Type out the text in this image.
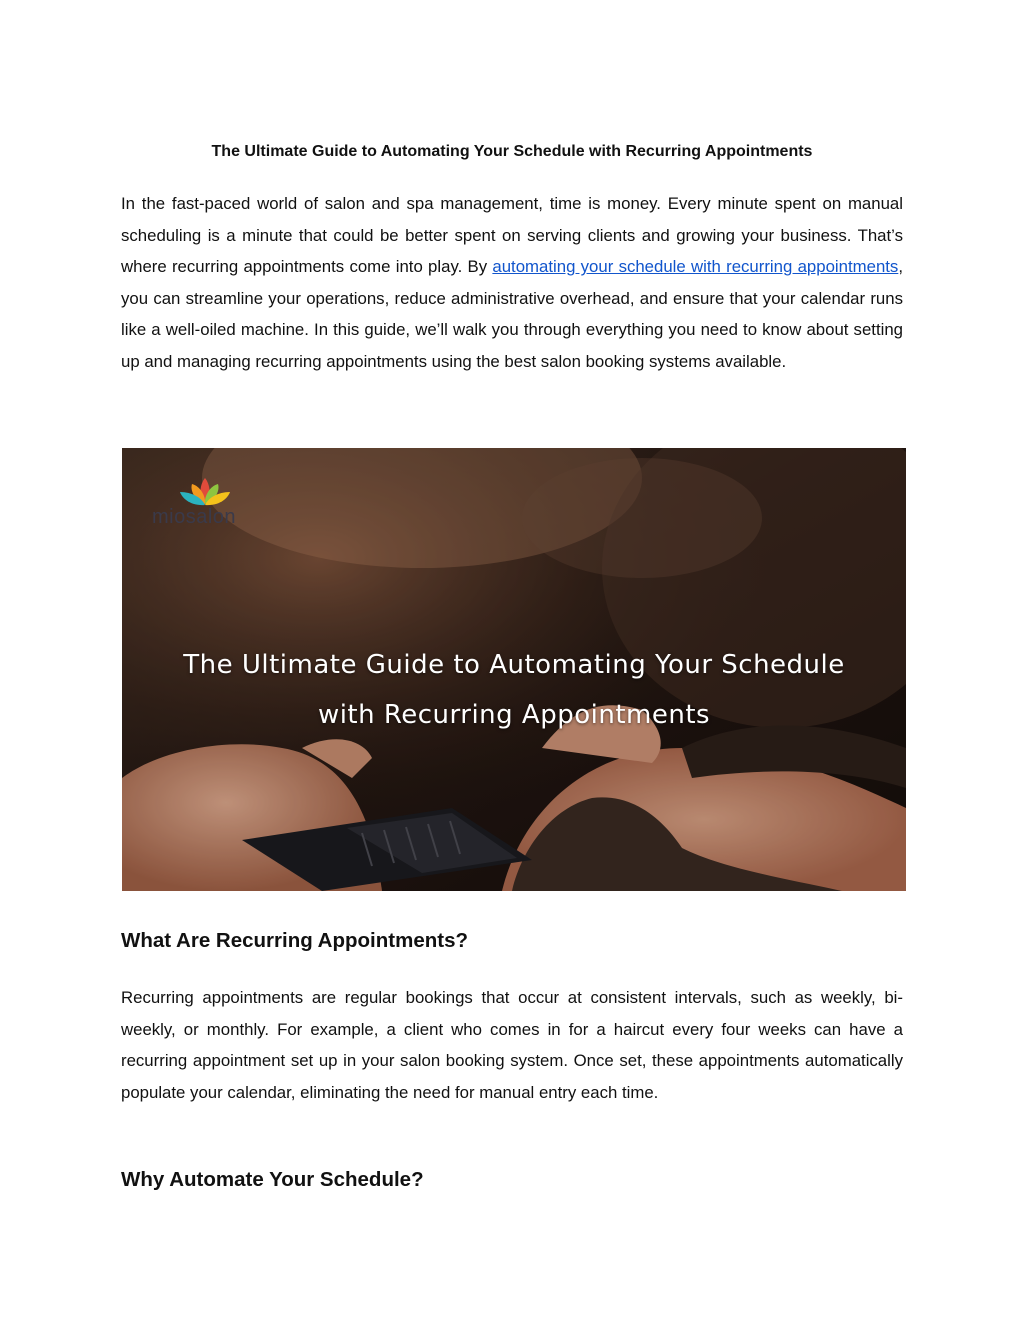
The Ultimate Guide to Automating Your Schedule with Recurring Appointments

In the fast-paced world of salon and spa management, time is money. Every minute spent on manual scheduling is a minute that could be better spent on serving clients and growing your business. That’s where recurring appointments come into play. By automating your schedule with recurring appointments, you can streamline your operations, reduce administrative overhead, and ensure that your calendar runs like a well-oiled machine. In this guide, we’ll walk you through everything you need to know about setting up and managing recurring appointments using the best salon booking systems available.

What Are Recurring Appointments?

Recurring appointments are regular bookings that occur at consistent intervals, such as weekly, bi-weekly, or monthly. For example, a client who comes in for a haircut every four weeks can have a recurring appointment set up in your salon booking system. Once set, these appointments automatically populate your calendar, eliminating the need for manual entry each time.

Why Automate Your Schedule?
miosalon
The Ultimate Guide to Automating Your Schedule
with Recurring Appointments
